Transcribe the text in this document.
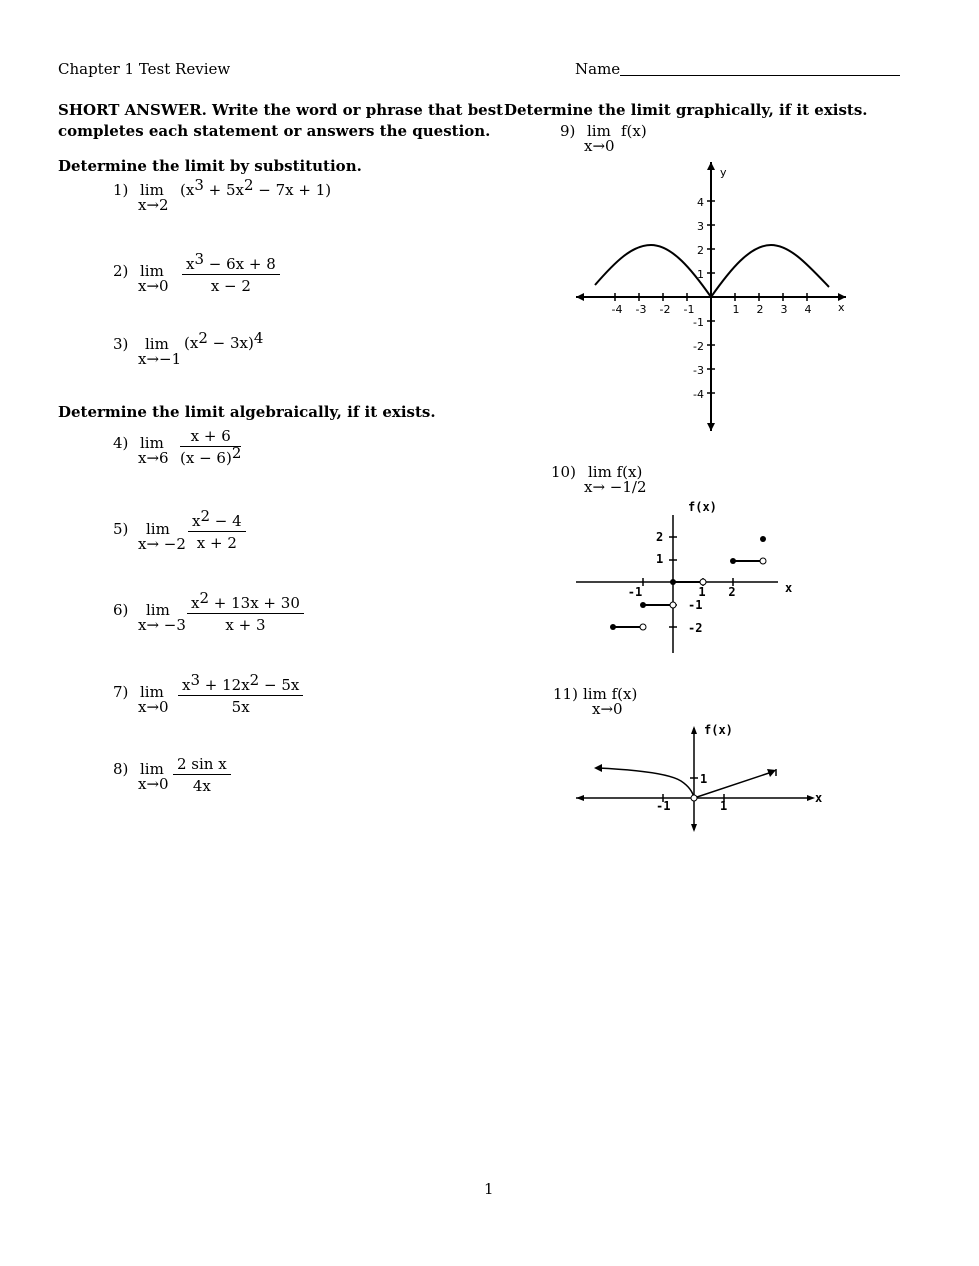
Chapter 1 Test Review	Name
SHORT ANSWER. Write the word or phrase that best
completes each statement or answers the question.
Determine the limit by substitution.
1) lim
x→2
$(x^3 + 5x^2 - 7x + 1)$
2) lim
$x\to 0 \frac{x^3 - 6x + 8}{x - 2}$
3) lim
x→−1
$(x^2 - 3x)^4$
Determine the limit algebraically, if it exists.
4) lim
$x\to 6 \frac{x + 6}{(x - 6)^2}$
5) lim
$x\to -2 \frac{x^2 - 4}{x + 2}$
6) lim
$x\to -3 \frac{x^2 + 13x + 30}{x + 3}$
7) lim
$x\to 0 \frac{x^3 + 12x^2 - 5x}{5x}$
8) lim
$x\to 0 \frac{\text{2 sin x}}{4x}$
Determine the limit graphically, if it exists.
9) lim f(x)
x→0
y
x
-4 -3 -2 -1	1 2 3 4
4
3
2
1
-1
-2
-3
-4
10) lim f(x)
x→ −1/2
f(x)
x
-1	1 2
2
1
-1
-2
11) lim f(x)
x→0
f(x)
x
-1	1
1
1
